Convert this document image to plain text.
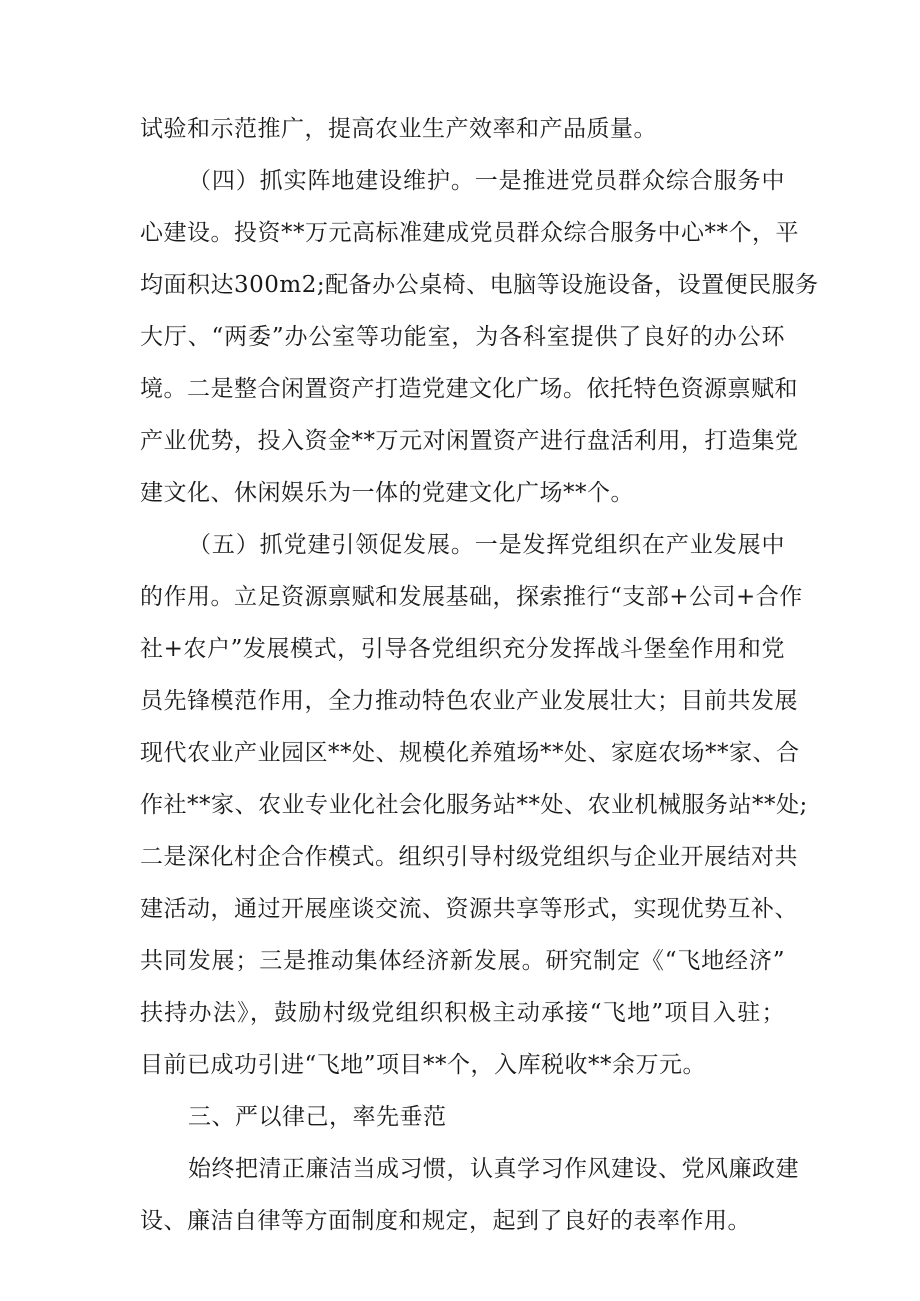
试验和示范推广，提高农业生产效率和产品质量。
（四）抓实阵地建设维护。一是推进党员群众综合服务中
心建设。投资**万元高标准建成党员群众综合服务中心**个，平
均面积达300m2;配备办公桌椅、电脑等设施设备，设置便民服务
大厅、“两委”办公室等功能室，为各科室提供了良好的办公环
境。二是整合闲置资产打造党建文化广场。依托特色资源禀赋和
产业优势，投入资金**万元对闲置资产进行盘活利用，打造集党
建文化、休闲娱乐为一体的党建文化广场**个。
（五）抓党建引领促发展。一是发挥党组织在产业发展中
的作用。立足资源禀赋和发展基础，探索推行“支部+公司+合作
社+农户”发展模式，引导各党组织充分发挥战斗堡垒作用和党
员先锋模范作用，全力推动特色农业产业发展壮大；目前共发展
现代农业产业园区**处、规模化养殖场**处、家庭农场**家、合
作社**家、农业专业化社会化服务站**处、农业机械服务站**处;
二是深化村企合作模式。组织引导村级党组织与企业开展结对共
建活动，通过开展座谈交流、资源共享等形式，实现优势互补、
共同发展；三是推动集体经济新发展。研究制定《“飞地经济”
扶持办法》，鼓励村级党组织积极主动承接“飞地”项目入驻；
目前已成功引进“飞地”项目**个，入库税收**余万元。
三、严以律己，率先垂范
始终把清正廉洁当成习惯，认真学习作风建设、党风廉政建
设、廉洁自律等方面制度和规定，起到了良好的表率作用。
